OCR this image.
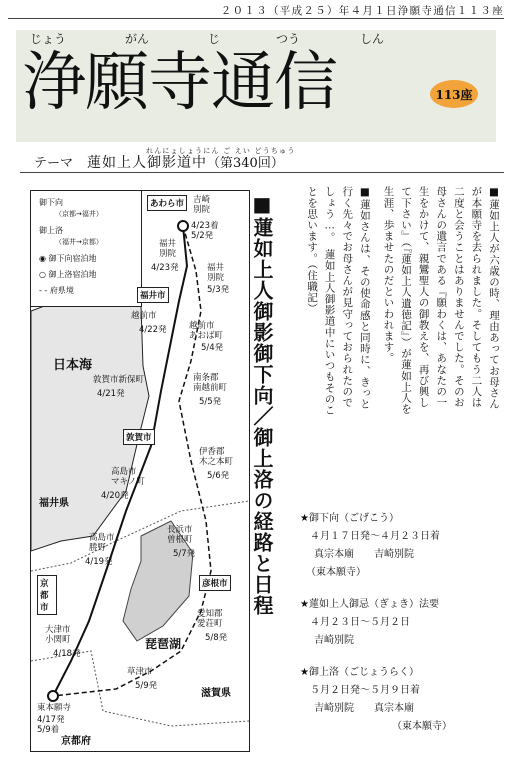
２０１３（平成２５）年４月１日浄願寺通信１１３座
じょう	がん	じ	つう	しん
浄願寺通信	113座
れんにょしょうにん ご えい どうちゅう
テーマ 蓮如上人御影道中（第340回）
御下向
（京都→福井）
御上洛
（福井→京都）
◉ 御下向宿泊地
○ 御上洛宿泊地
- - 府県境
あわら市
福井市
敦賀市
日本海
福井県
琵琶湖
彦根市
京都市
滋賀県
京都府
吉崎
別院
4/23着
5/2発
福井
別院
4/23発	福井
別院
5/3発
越前市
4/22発	越前市
あおば町
5/4発
敦賀市新保町
4/21発
南条郡
南越前町
5/5発
伊香郡
木之本町
5/6発
高島市
マキノ町
4/20発
長浜市
曽根町
5/7発
高島市
勝野
4/19発
愛知郡
愛荘町
5/8発
大津市
小関町
4/18発
草津市
5/9発
東本願寺
4/17発
5/9着
■蓮如上人御影御下向／御上洛の経路と日程	■蓮如上人が六歳の時、理由あってお母さんが本願寺を去られました。そしてもう二人は二度と会うことはありませんでした。そのお母さんの遺言である『願わくは、あなたの一生をかけて、親鸞聖人の御教えを、再び興して下さい』（『蓮如上人遺徳記』）が蓮如上人を生涯、歩ませたのだといわれます。

■蓮如さんは、その使命感と同時に、きっと行く先々でお母さんが見守っておられたのでしょう…。　蓮如上人御影道中にいつもそのことを思います。（住職記）

★御下向（ごげこう）
４月１７日発～４月２３日着
真宗本廟　　吉崎別院
（東本願寺）
★蓮如上人御忌（ぎょき）法要
４月２３日～５月２日
吉崎別院
★御上洛（ごじょうらく）
５月２日発～５月９日着
吉崎別院　　真宗本廟
（東本願寺）
